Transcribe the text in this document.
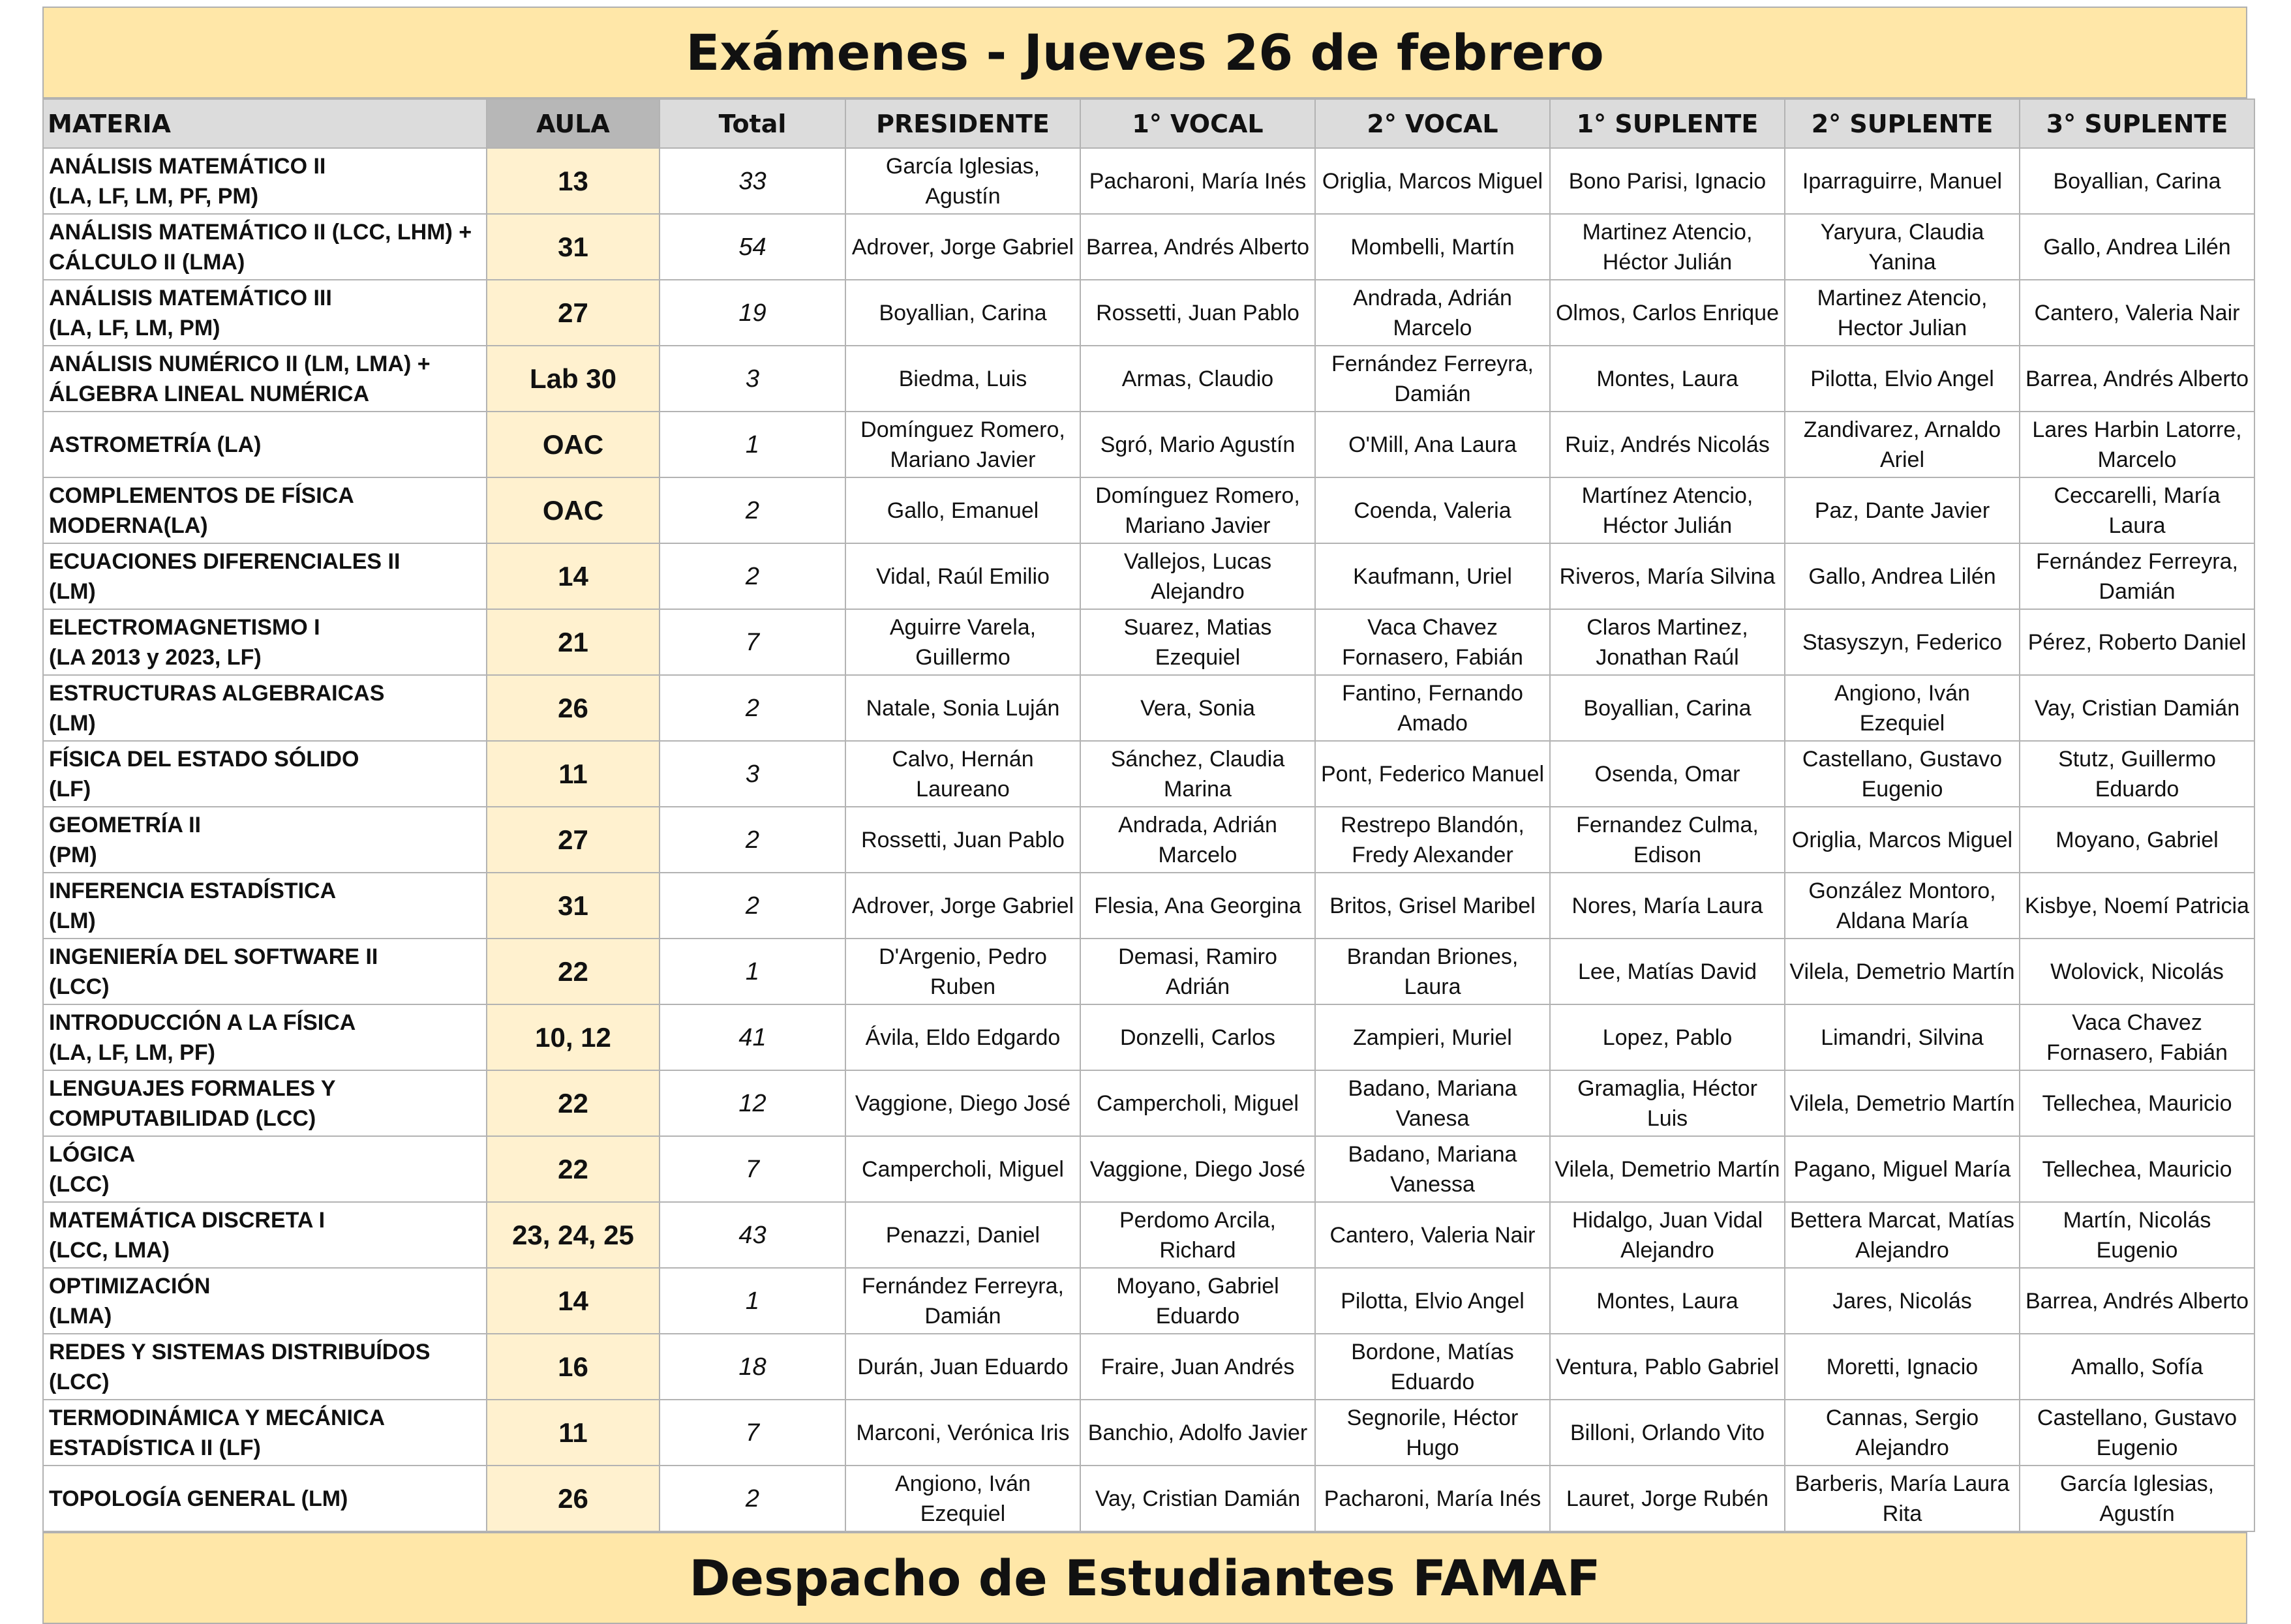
Exámenes - Jueves 26 de febrero
MATERIA	AULA	Total	PRESIDENTE	1° VOCAL	2° VOCAL	1° SUPLENTE	2° SUPLENTE	3° SUPLENTE
ANÁLISIS MATEMÁTICO II
(LA, LF, LM, PF, PM)	13	33	García Iglesias, Agustín	Pacharoni, María Inés	Origlia, Marcos Miguel	Bono Parisi, Ignacio	Iparraguirre, Manuel	Boyallian, Carina
ANÁLISIS MATEMÁTICO II (LCC, LHM) + CÁLCULO II (LMA)	31	54	Adrover, Jorge Gabriel	Barrea, Andrés Alberto	Mombelli, Martín	Martinez Atencio, Héctor Julián	Yaryura, Claudia Yanina	Gallo, Andrea Lilén
ANÁLISIS MATEMÁTICO III
(LA, LF, LM, PM)	27	19	Boyallian, Carina	Rossetti, Juan Pablo	Andrada, Adrián Marcelo	Olmos, Carlos Enrique	Martinez Atencio, Hector Julian	Cantero, Valeria Nair
ANÁLISIS NUMÉRICO II (LM, LMA) + ÁLGEBRA LINEAL NUMÉRICA	Lab 30	3	Biedma, Luis	Armas, Claudio	Fernández Ferreyra, Damián	Montes, Laura	Pilotta, Elvio Angel	Barrea, Andrés Alberto
ASTROMETRÍA (LA)	OAC	1	Domínguez Romero, Mariano Javier	Sgró, Mario Agustín	O'Mill, Ana Laura	Ruiz, Andrés Nicolás	Zandivarez, Arnaldo Ariel	Lares Harbin Latorre, Marcelo
COMPLEMENTOS DE FÍSICA MODERNA(LA)	OAC	2	Gallo, Emanuel	Domínguez Romero, Mariano Javier	Coenda, Valeria	Martínez Atencio, Héctor Julián	Paz, Dante Javier	Ceccarelli, María Laura
ECUACIONES DIFERENCIALES II
(LM)	14	2	Vidal, Raúl Emilio	Vallejos, Lucas Alejandro	Kaufmann, Uriel	Riveros, María Silvina	Gallo, Andrea Lilén	Fernández Ferreyra, Damián
ELECTROMAGNETISMO I
(LA 2013 y 2023, LF)	21	7	Aguirre Varela, Guillermo	Suarez, Matias Ezequiel	Vaca Chavez Fornasero, Fabián	Claros Martinez, Jonathan Raúl	Stasyszyn, Federico	Pérez, Roberto Daniel
ESTRUCTURAS ALGEBRAICAS
(LM)	26	2	Natale, Sonia Luján	Vera, Sonia	Fantino, Fernando Amado	Boyallian, Carina	Angiono, Iván Ezequiel	Vay, Cristian Damián
FÍSICA DEL ESTADO SÓLIDO
(LF)	11	3	Calvo, Hernán Laureano	Sánchez, Claudia Marina	Pont, Federico Manuel	Osenda, Omar	Castellano, Gustavo Eugenio	Stutz, Guillermo Eduardo
GEOMETRÍA II
(PM)	27	2	Rossetti, Juan Pablo	Andrada, Adrián Marcelo	Restrepo Blandón, Fredy Alexander	Fernandez Culma, Edison	Origlia, Marcos Miguel	Moyano, Gabriel
INFERENCIA ESTADÍSTICA
(LM)	31	2	Adrover, Jorge Gabriel	Flesia, Ana Georgina	Britos, Grisel Maribel	Nores, María Laura	González Montoro, Aldana María	Kisbye, Noemí Patricia
INGENIERÍA DEL SOFTWARE II
(LCC)	22	1	D'Argenio, Pedro Ruben	Demasi, Ramiro Adrián	Brandan Briones, Laura	Lee, Matías David	Vilela, Demetrio Martín	Wolovick, Nicolás
INTRODUCCIÓN A LA FÍSICA
(LA, LF, LM, PF)	10, 12	41	Ávila, Eldo Edgardo	Donzelli, Carlos	Zampieri, Muriel	Lopez, Pablo	Limandri, Silvina	Vaca Chavez Fornasero, Fabián
LENGUAJES FORMALES Y COMPUTABILIDAD (LCC)	22	12	Vaggione, Diego José	Campercholi, Miguel	Badano, Mariana Vanesa	Gramaglia, Héctor Luis	Vilela, Demetrio Martín	Tellechea, Mauricio
LÓGICA
(LCC)	22	7	Campercholi, Miguel	Vaggione, Diego José	Badano, Mariana Vanessa	Vilela, Demetrio Martín	Pagano, Miguel María	Tellechea, Mauricio
MATEMÁTICA DISCRETA I
(LCC, LMA)	23, 24, 25	43	Penazzi, Daniel	Perdomo Arcila, Richard	Cantero, Valeria Nair	Hidalgo, Juan Vidal Alejandro	Bettera Marcat, Matías Alejandro	Martín, Nicolás Eugenio
OPTIMIZACIÓN
(LMA)	14	1	Fernández Ferreyra, Damián	Moyano, Gabriel Eduardo	Pilotta, Elvio Angel	Montes, Laura	Jares, Nicolás	Barrea, Andrés Alberto
REDES Y SISTEMAS DISTRIBUÍDOS
(LCC)	16	18	Durán, Juan Eduardo	Fraire, Juan Andrés	Bordone, Matías Eduardo	Ventura, Pablo Gabriel	Moretti, Ignacio	Amallo, Sofía
TERMODINÁMICA Y MECÁNICA ESTADÍSTICA II (LF)	11	7	Marconi, Verónica Iris	Banchio, Adolfo Javier	Segnorile, Héctor Hugo	Billoni, Orlando Vito	Cannas, Sergio Alejandro	Castellano, Gustavo Eugenio
TOPOLOGÍA GENERAL (LM)	26	2	Angiono, Iván Ezequiel	Vay, Cristian Damián	Pacharoni, María Inés	Lauret, Jorge Rubén	Barberis, María Laura Rita	García Iglesias, Agustín
Despacho de Estudiantes FAMAF
